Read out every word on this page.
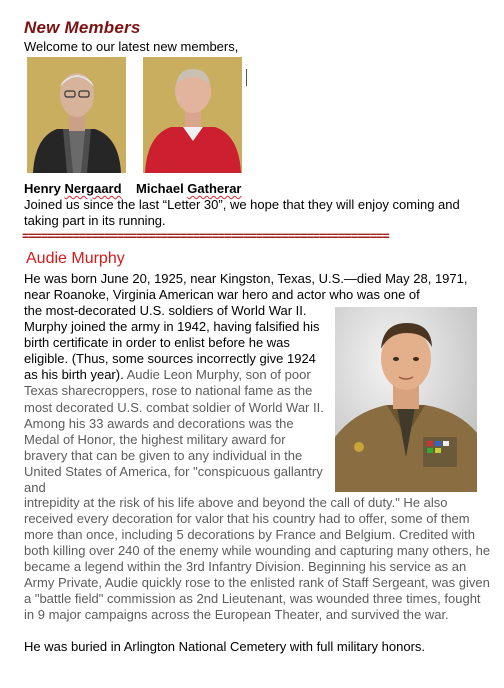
New Members
Welcome to our latest new members,
Henry Nergaard Michael Gatherar
Joined us since the last “Letter 30”, we hope that they will enjoy coming and taking part in its running.
==========================================================
Audie Murphy
He was born June 20, 1925, near Kingston, Texas, U.S.—died May 28, 1971, near Roanoke, Virginia American war hero and actor who was one of
the most-decorated U.S. soldiers of World War II. Murphy joined the army in 1942, having falsified his birth certificate in order to enlist before he was eligible. (Thus, some sources incorrectly give 1924 as his birth year). Audie Leon Murphy, son of poor Texas sharecroppers, rose to national fame as the most decorated U.S. combat soldier of World War II. Among his 33 awards and decorations was the Medal of Honor, the highest military award for bravery that can be given to any individual in the United States of America, for "conspicuous gallantry and
intrepidity at the risk of his life above and beyond the call of duty." He also received every decoration for valor that his country had to offer, some of them more than once, including 5 decorations by France and Belgium. Credited with both killing over 240 of the enemy while wounding and capturing many others, he became a legend within the 3rd Infantry Division. Beginning his service as an Army Private, Audie quickly rose to the enlisted rank of Staff Sergeant, was given a "battle field" commission as 2nd Lieutenant, was wounded three times, fought in 9 major campaigns across the European Theater, and survived the war.
He was buried in Arlington National Cemetery with full military honors.
